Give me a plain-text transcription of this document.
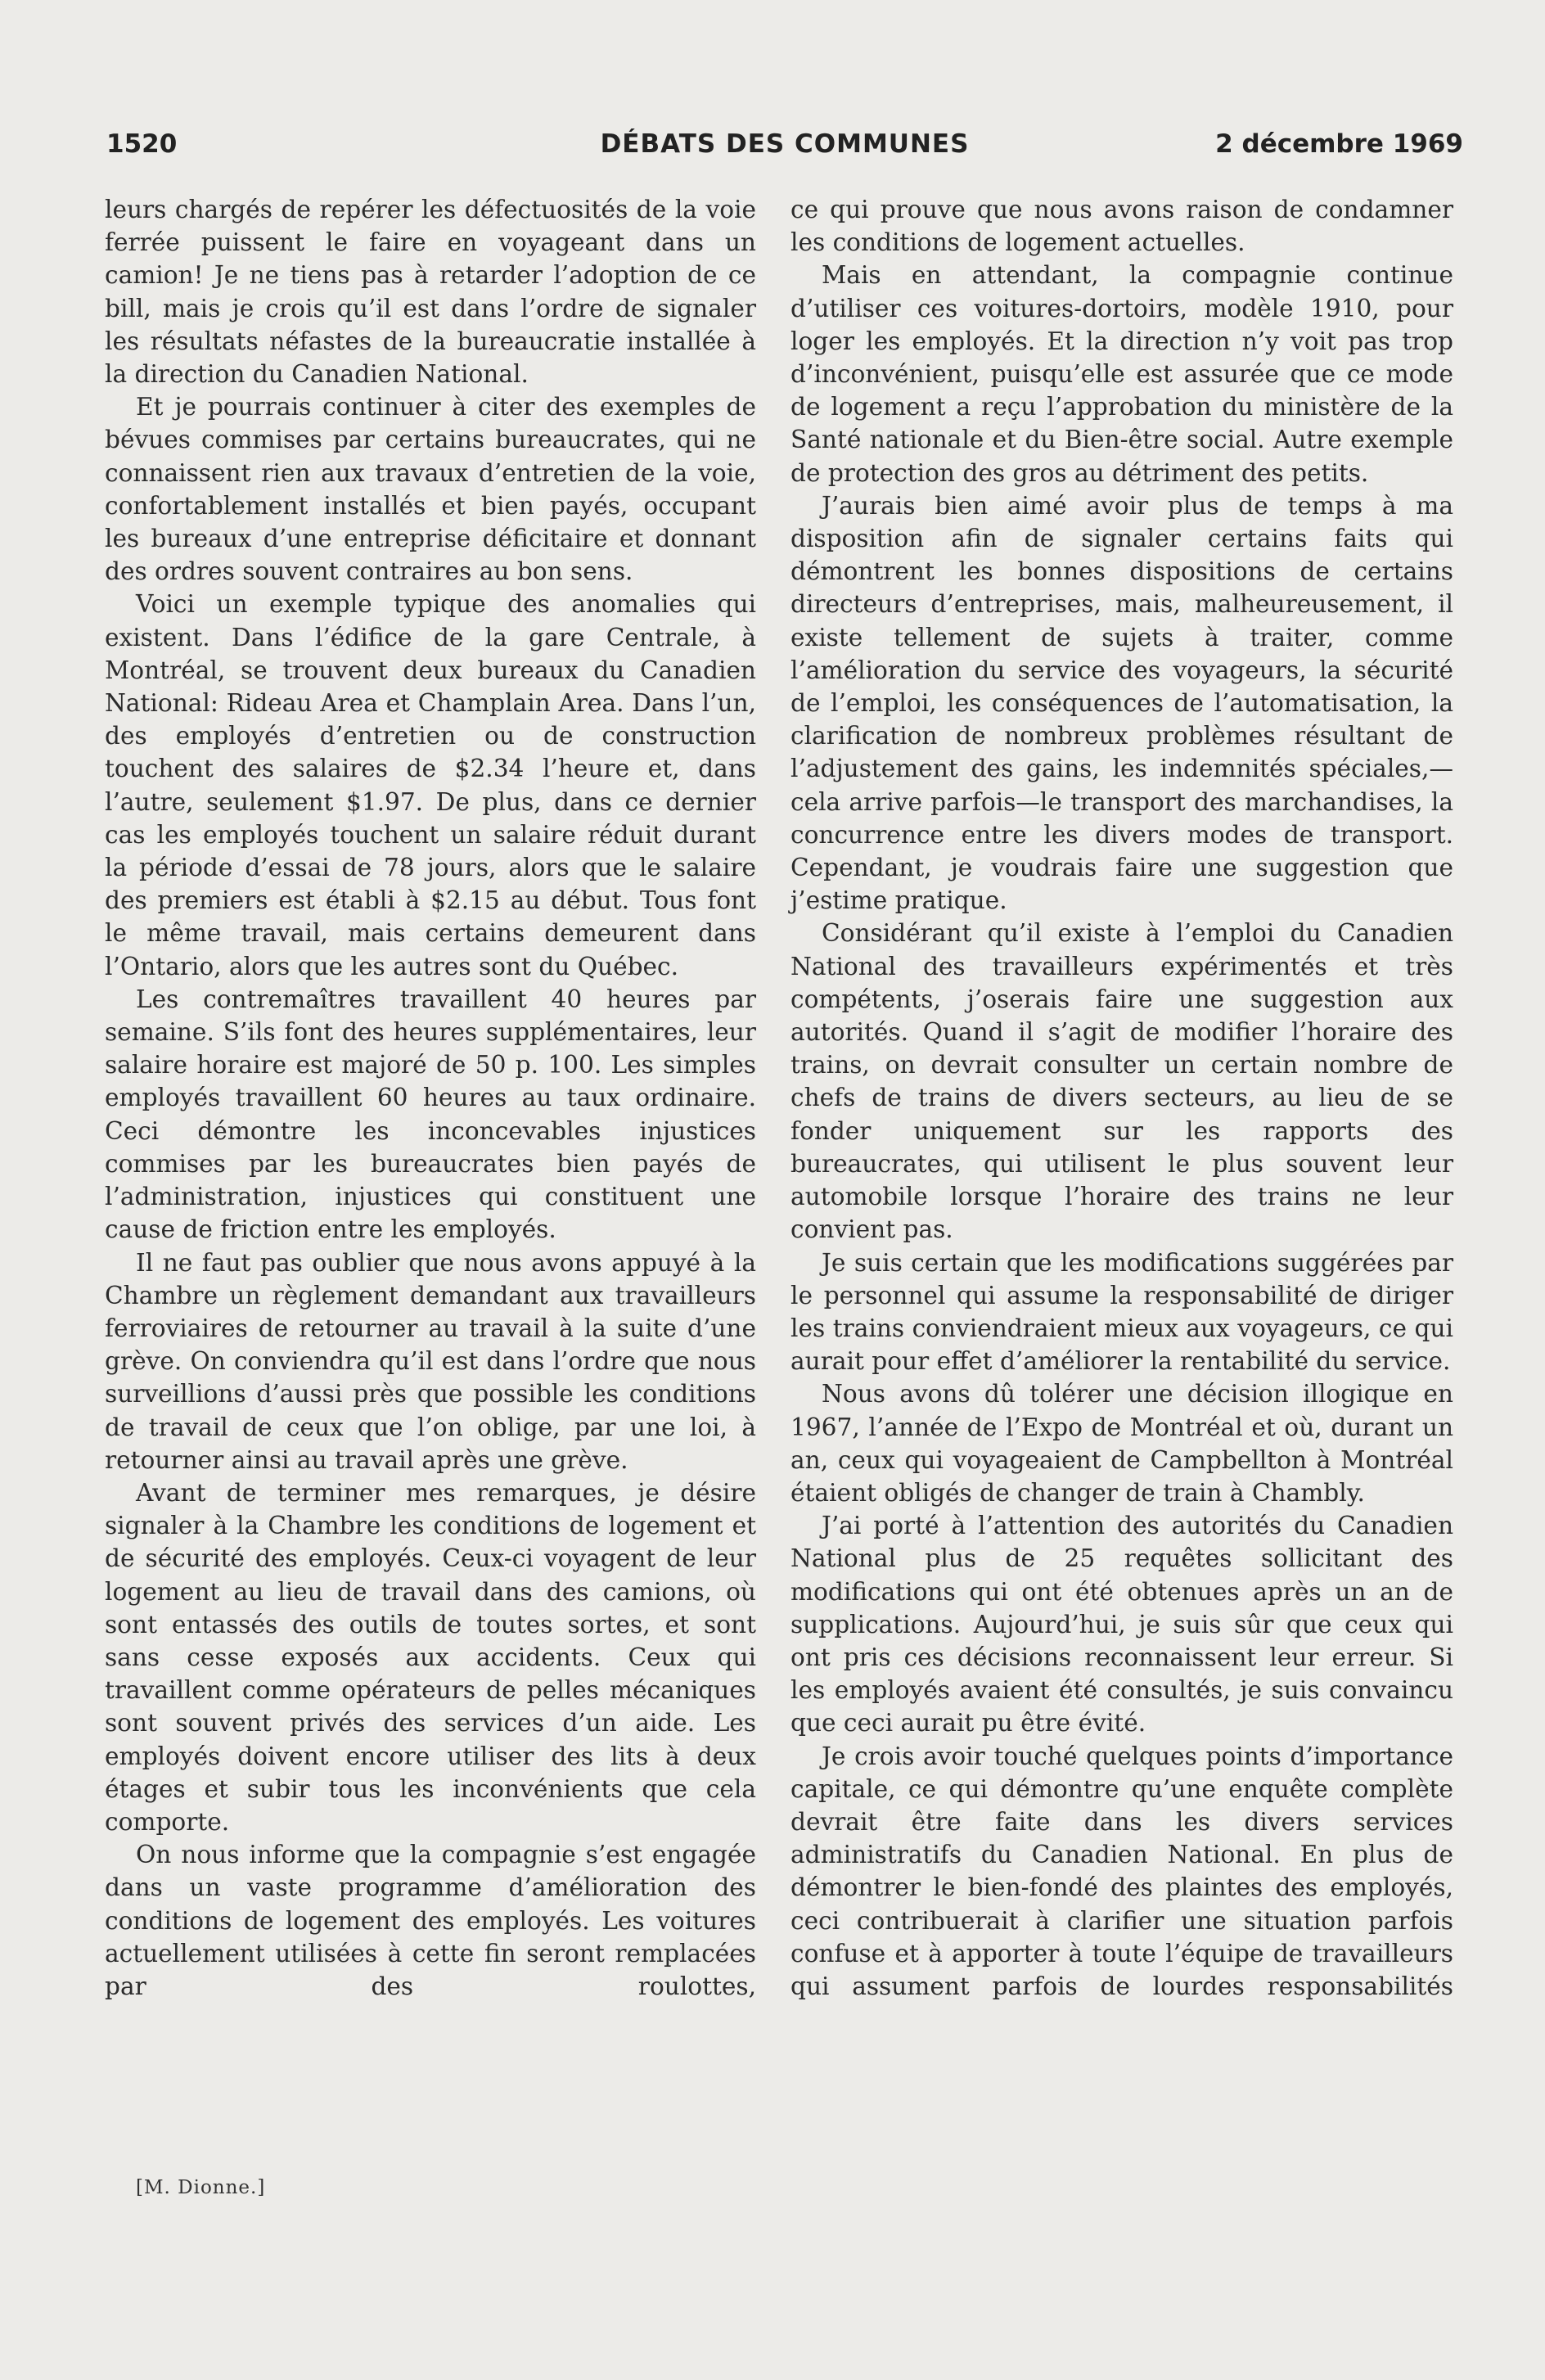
1520	DÉBATS DES COMMUNES	2 décembre 1969

leurs chargés de repérer les défectuosités de la voie ferrée puissent le faire en voyageant dans un camion! Je ne tiens pas à retarder l’adoption de ce bill, mais je crois qu’il est dans l’ordre de signaler les résultats néfastes de la bureaucratie installée à la direction du Canadien National.

Et je pourrais continuer à citer des exemples de bévues commises par certains bureaucrates, qui ne connaissent rien aux travaux d’entretien de la voie, confortablement installés et bien payés, occupant les bureaux d’une entreprise déficitaire et donnant des ordres souvent contraires au bon sens.

Voici un exemple typique des anomalies qui existent. Dans l’édifice de la gare Centrale, à Montréal, se trouvent deux bureaux du Canadien National: Rideau Area et Champlain Area. Dans l’un, des employés d’entretien ou de construction touchent des salaires de $2.34 l’heure et, dans l’autre, seulement $1.97. De plus, dans ce dernier cas les employés touchent un salaire réduit durant la période d’essai de 78 jours, alors que le salaire des premiers est établi à $2.15 au début. Tous font le même travail, mais certains demeurent dans l’Ontario, alors que les autres sont du Québec.

Les contremaîtres travaillent 40 heures par semaine. S’ils font des heures supplémentaires, leur salaire horaire est majoré de 50 p. 100. Les simples employés travaillent 60 heures au taux ordinaire. Ceci démontre les inconcevables injustices commises par les bureaucrates bien payés de l’administration, injustices qui constituent une cause de friction entre les employés.

Il ne faut pas oublier que nous avons appuyé à la Chambre un règlement demandant aux travailleurs ferroviaires de retourner au travail à la suite d’une grève. On conviendra qu’il est dans l’ordre que nous surveillions d’aussi près que possible les conditions de travail de ceux que l’on oblige, par une loi, à retourner ainsi au travail après une grève.

Avant de terminer mes remarques, je désire signaler à la Chambre les conditions de logement et de sécurité des employés. Ceux-ci voyagent de leur logement au lieu de travail dans des camions, où sont entassés des outils de toutes sortes, et sont sans cesse exposés aux accidents. Ceux qui travaillent comme opérateurs de pelles mécaniques sont souvent privés des services d’un aide. Les employés doivent encore utiliser des lits à deux étages et subir tous les inconvénients que cela comporte.

On nous informe que la compagnie s’est engagée dans un vaste programme d’amélioration des conditions de logement des employés. Les voitures actuellement utilisées à cette fin seront remplacées par des roulottes,

ce qui prouve que nous avons raison de condamner les conditions de logement actuelles.

Mais en attendant, la compagnie continue d’utiliser ces voitures-dortoirs, modèle 1910, pour loger les employés. Et la direction n’y voit pas trop d’inconvénient, puisqu’elle est assurée que ce mode de logement a reçu l’approbation du ministère de la Santé nationale et du Bien-être social. Autre exemple de protection des gros au détriment des petits.

J’aurais bien aimé avoir plus de temps à ma disposition afin de signaler certains faits qui démontrent les bonnes dispositions de certains directeurs d’entreprises, mais, malheureusement, il existe tellement de sujets à traiter, comme l’amélioration du service des voyageurs, la sécurité de l’emploi, les conséquences de l’automatisation, la clarification de nombreux problèmes résultant de l’adjustement des gains, les indemnités spéciales,—cela arrive parfois—le transport des marchandises, la concurrence entre les divers modes de transport. Cependant, je voudrais faire une suggestion que j’estime pratique.

Considérant qu’il existe à l’emploi du Canadien National des travailleurs expérimentés et très compétents, j’oserais faire une suggestion aux autorités. Quand il s’agit de modifier l’horaire des trains, on devrait consulter un certain nombre de chefs de trains de divers secteurs, au lieu de se fonder uniquement sur les rapports des bureaucrates, qui utilisent le plus souvent leur automobile lorsque l’horaire des trains ne leur convient pas.

Je suis certain que les modifications suggérées par le personnel qui assume la responsabilité de diriger les trains conviendraient mieux aux voyageurs, ce qui aurait pour effet d’améliorer la rentabilité du service.

Nous avons dû tolérer une décision illogique en 1967, l’année de l’Expo de Montréal et où, durant un an, ceux qui voyageaient de Campbellton à Montréal étaient obligés de changer de train à Chambly.

J’ai porté à l’attention des autorités du Canadien National plus de 25 requêtes sollicitant des modifications qui ont été obtenues après un an de supplications. Aujourd’hui, je suis sûr que ceux qui ont pris ces décisions reconnaissent leur erreur. Si les employés avaient été consultés, je suis convaincu que ceci aurait pu être évité.

Je crois avoir touché quelques points d’importance capitale, ce qui démontre qu’une enquête complète devrait être faite dans les divers services administratifs du Canadien National. En plus de démontrer le bien-fondé des plaintes des employés, ceci contribuerait à clarifier une situation parfois confuse et à apporter à toute l’équipe de travailleurs qui assument parfois de lourdes responsabilités

[M. Dionne.]
